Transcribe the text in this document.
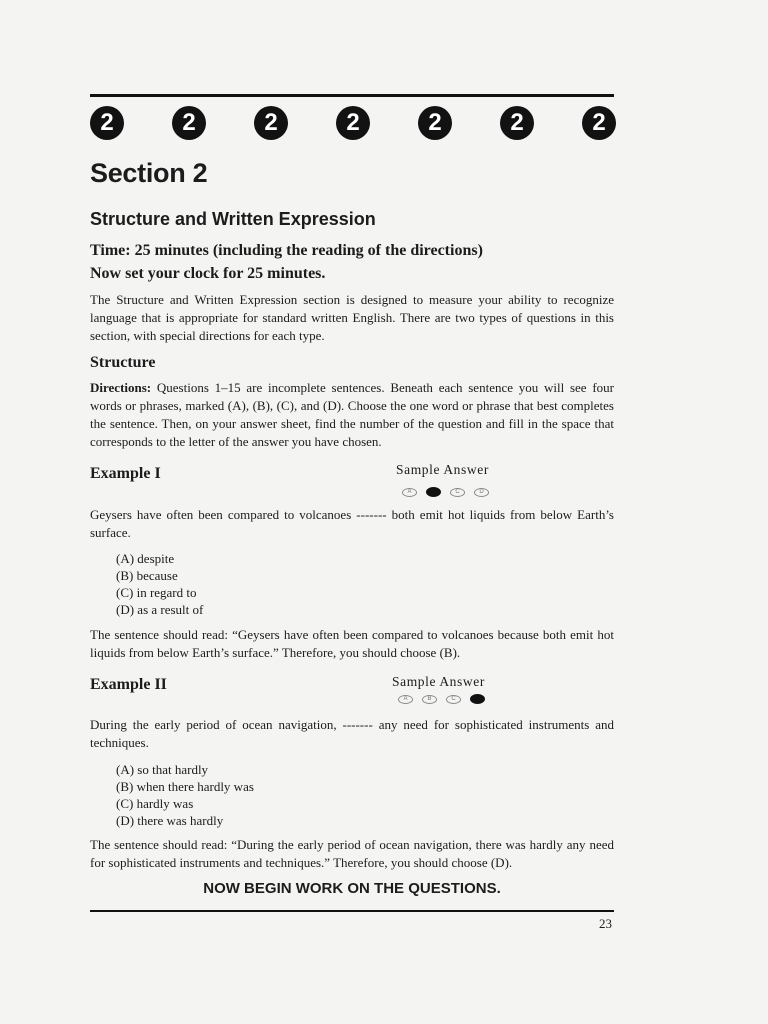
2	2	2	2	2	2	2
Section 2
Structure and Written Expression

Time: 25 minutes (including the reading of the directions)

Now set your clock for 25 minutes.

The Structure and Written Expression section is designed to measure your ability to recognize language that is appropriate for standard written English. There are two types of questions in this section, with special directions for each type.

Structure

Directions: Questions 1–15 are incomplete sentences. Beneath each sentence you will see four words or phrases, marked (A), (B), (C), and (D). Choose the one word or phrase that best completes the sentence. Then, on your answer sheet, find the number of the question and fill in the space that corresponds to the letter of the answer you have chosen.

Example I	Sample Answer

A	C	D

Geysers have often been compared to volcanoes ------- both emit hot liquids from below Earth’s surface.

(A) despite
(B) because
(C) in regard to
(D) as a result of

The sentence should read: “Geysers have often been compared to volcanoes because both emit hot liquids from below Earth’s surface.” Therefore, you should choose (B).

Example II	Sample Answer

A	B	C

During the early period of ocean navigation, ------- any need for sophisticated instruments and techniques.

(A) so that hardly
(B) when there hardly was
(C) hardly was
(D) there was hardly

The sentence should read: “During the early period of ocean navigation, there was hardly any need for sophisticated instruments and techniques.” Therefore, you should choose (D).

NOW BEGIN WORK ON THE QUESTIONS.

23
